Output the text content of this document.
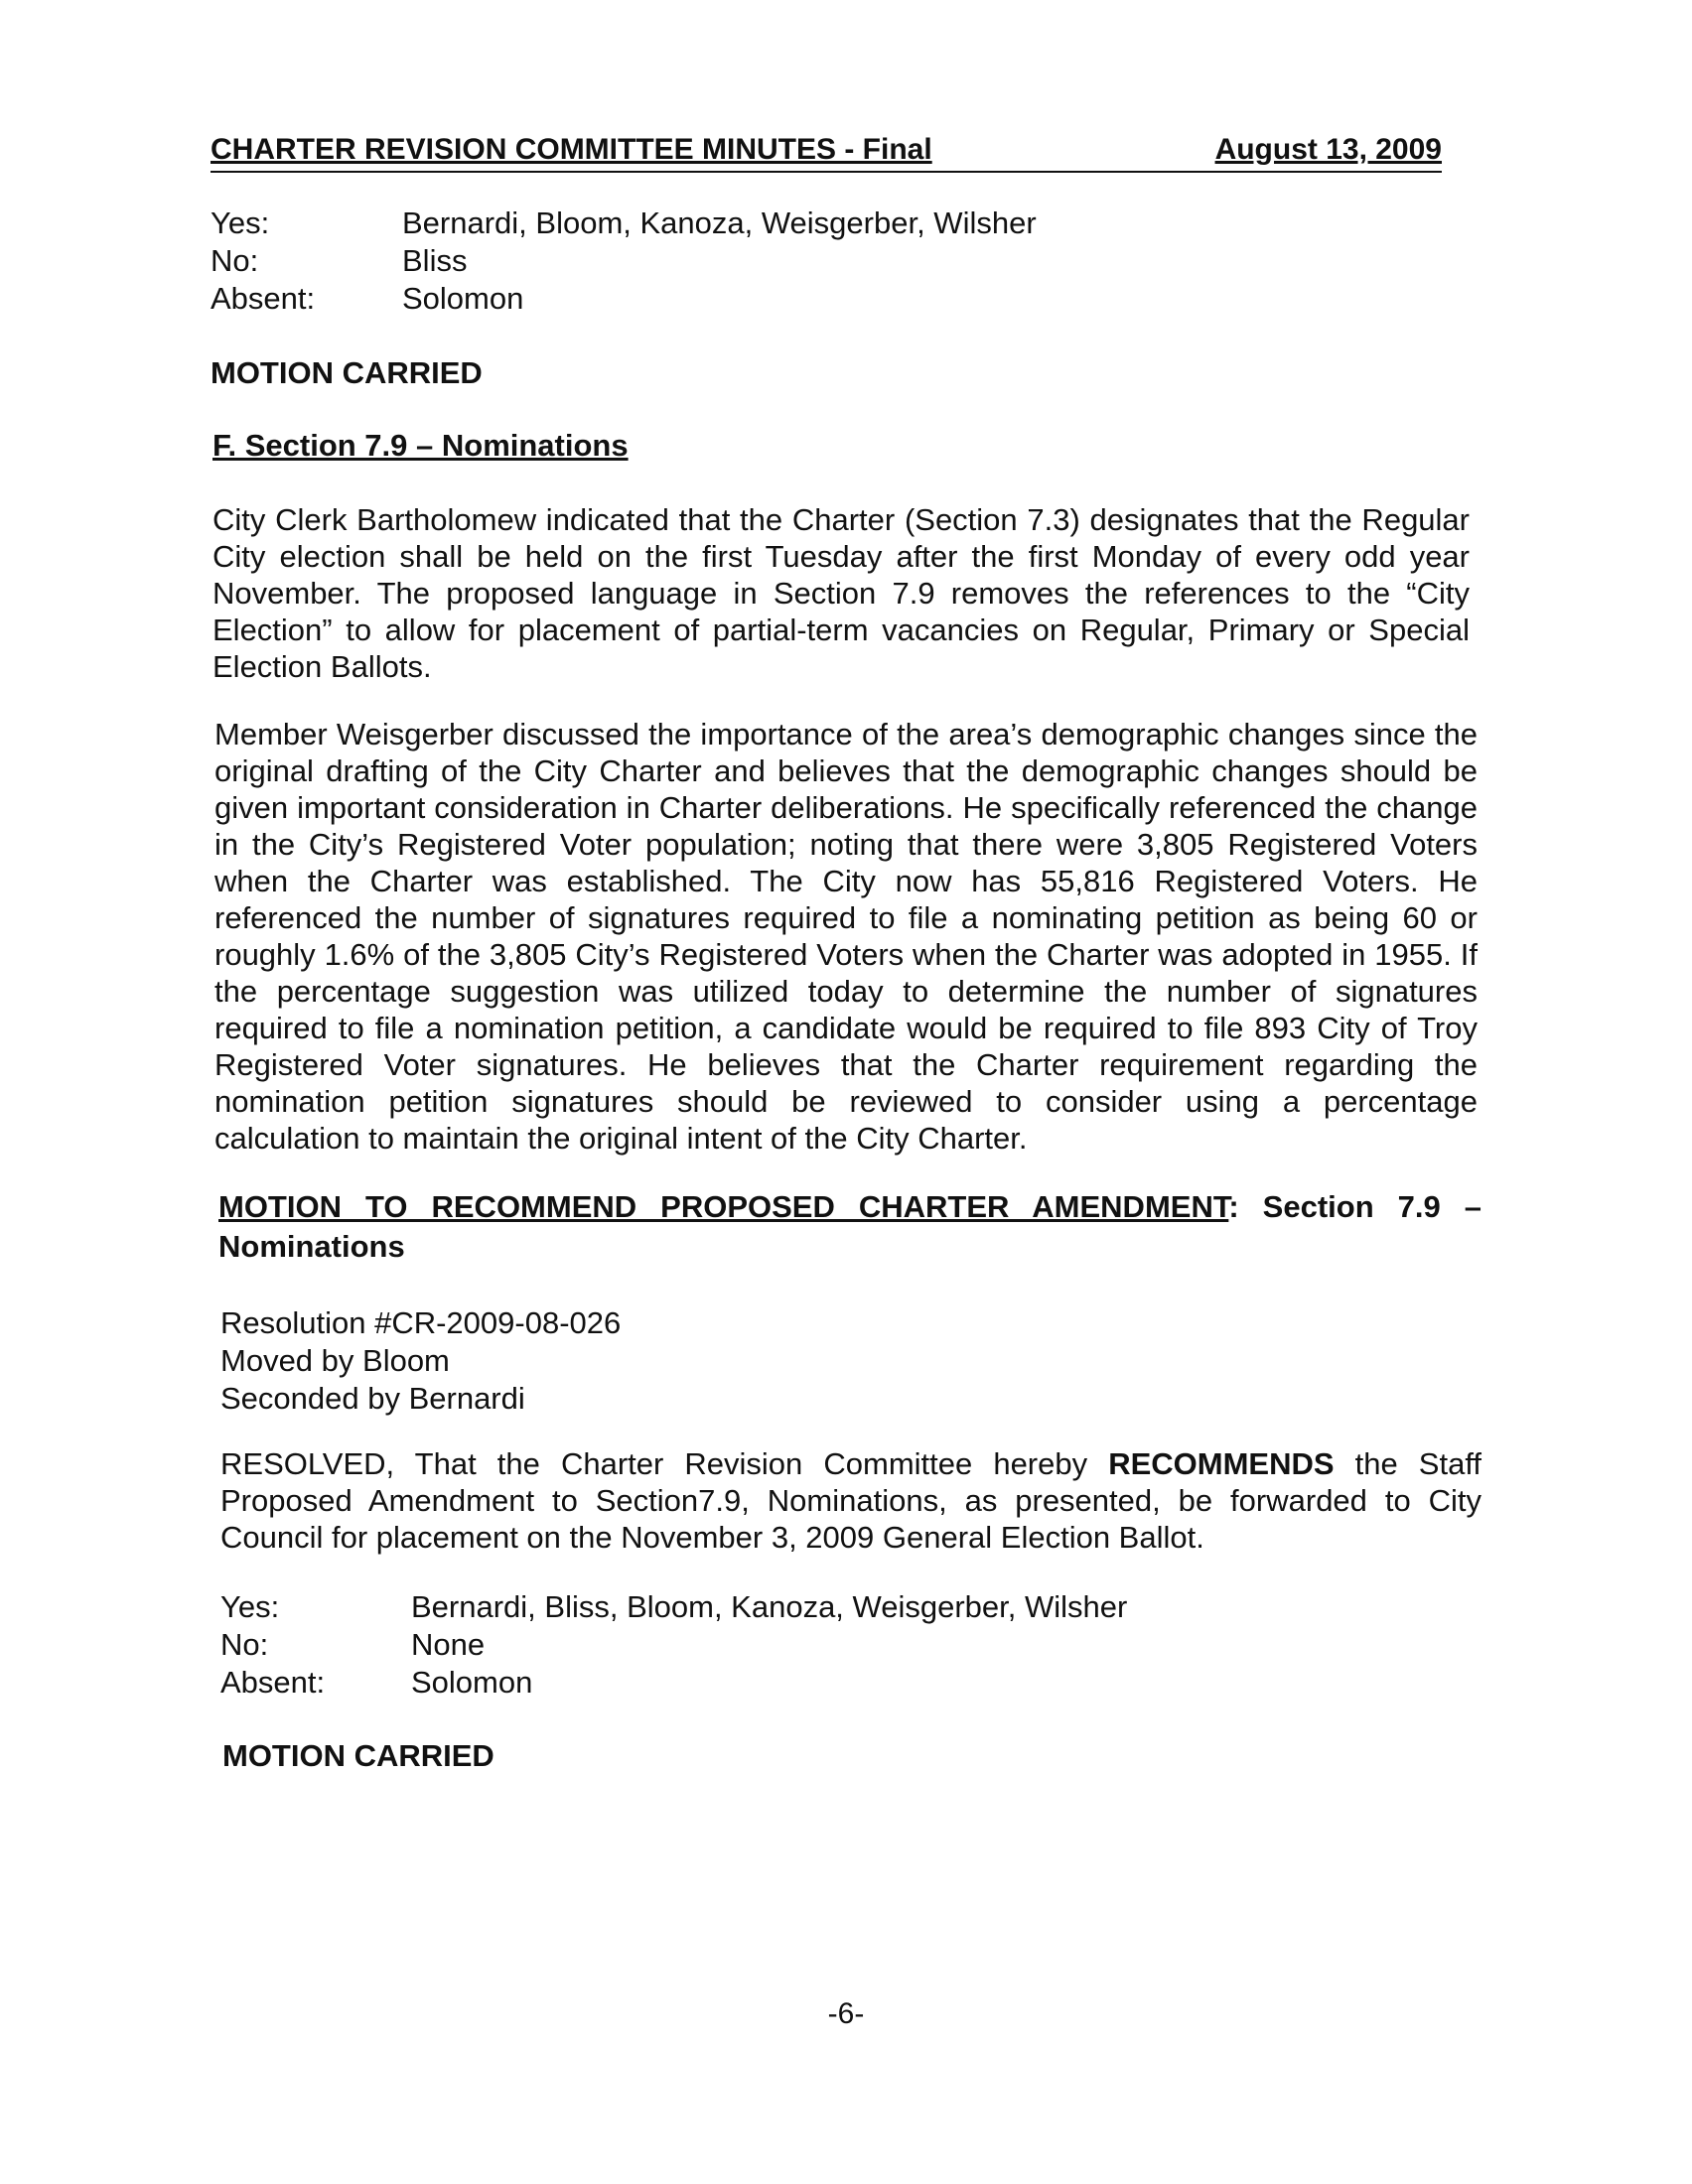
CHARTER REVISION COMMITTEE MINUTES - Final	August 13, 2009
Yes:	Bernardi, Bloom, Kanoza, Weisgerber, Wilsher
No:	Bliss
Absent:	Solomon
MOTION CARRIED
F. Section 7.9 – Nominations

City Clerk Bartholomew indicated that the Charter (Section 7.3) designates that the Regular City election shall be held on the first Tuesday after the first Monday of every odd year November. The proposed language in Section 7.9 removes the references to the “City Election” to allow for placement of partial-term vacancies on Regular, Primary or Special Election Ballots.

Member Weisgerber discussed the importance of the area’s demographic changes since the original drafting of the City Charter and believes that the demographic changes should be given important consideration in Charter deliberations. He specifically referenced the change in the City’s Registered Voter population; noting that there were 3,805 Registered Voters when the Charter was established. The City now has 55,816 Registered Voters. He referenced the number of signatures required to file a nominating petition as being 60 or roughly 1.6% of the 3,805 City’s Registered Voters when the Charter was adopted in 1955. If the percentage suggestion was utilized today to determine the number of signatures required to file a nomination petition, a candidate would be required to file 893 City of Troy Registered Voter signatures. He believes that the Charter requirement regarding the nomination petition signatures should be reviewed to consider using a percentage calculation to maintain the original intent of the City Charter.

MOTION TO RECOMMEND PROPOSED CHARTER AMENDMENT: Section 7.9 – Nominations

Resolution #CR-2009-08-026
Moved by Bloom
Seconded by Bernardi

RESOLVED, That the Charter Revision Committee hereby RECOMMENDS the Staff Proposed Amendment to Section7.9, Nominations, as presented, be forwarded to City Council for placement on the November 3, 2009 General Election Ballot.

Yes:	Bernardi, Bliss, Bloom, Kanoza, Weisgerber, Wilsher
No:	None
Absent:	Solomon
MOTION CARRIED
-6-
